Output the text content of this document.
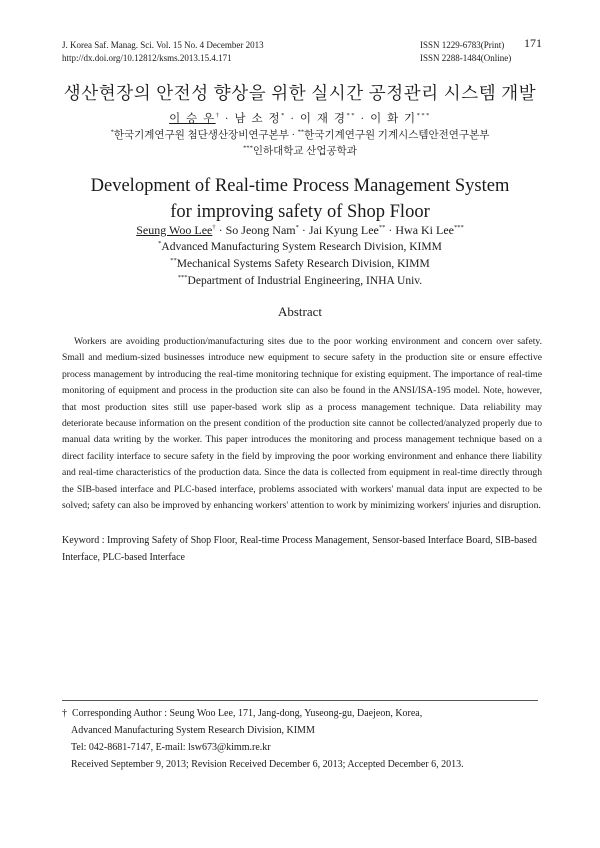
J. Korea Saf. Manag. Sci. Vol. 15 No. 4 December 2013
http://dx.doi.org/10.12812/ksms.2013.15.4.171
ISSN 1229-6783(Print)
ISSN 2288-1484(Online)
171
생산현장의 안전성 향상을 위한 실시간 공정관리 시스템 개발
이 승 우† · 남 소 정* · 이 재 경** · 이 화 기***
*한국기계연구원 첨단생산장비연구본부 · **한국기계연구원 기계시스템안전연구본부
***인하대학교 산업공학과
Development of Real-time Process Management System
for improving safety of Shop Floor
Seung Woo Lee† · So Jeong Nam* · Jai Kyung Lee** · Hwa Ki Lee***
*Advanced Manufacturing System Research Division, KIMM
**Mechanical Systems Safety Research Division, KIMM
***Department of Industrial Engineering, INHA Univ.
Abstract

Workers are avoiding production/manufacturing sites due to the poor working environment and concern over safety. Small and medium-sized businesses introduce new equipment to secure safety in the production site or ensure effective process management by introducing the real-time monitoring technique for existing equipment. The importance of real-time monitoring of equipment and process in the production site can also be found in the ANSI/ISA-195 model. Note, however, that most production sites still use paper-based work slip as a process management technique. Data reliability may deteriorate because information on the present condition of the production site cannot be collected/analyzed properly due to manual data writing by the worker. This paper introduces the monitoring and process management technique based on a direct facility interface to secure safety in the field by improving the poor working environment and enhance there liability and real-time characteristics of the production data. Since the data is collected from equipment in real-time directly through the SIB-based interface and PLC-based interface, problems associated with workers' manual data input are expected to be solved; safety can also be improved by enhancing workers' attention to work by minimizing workers' injuries and disruption.

Keyword : Improving Safety of Shop Floor, Real-time Process Management, Sensor-based Interface Board, SIB-based Interface, PLC-based Interface

† Corresponding Author : Seung Woo Lee, 171, Jang-dong, Yuseong-gu, Daejeon, Korea,
Advanced Manufacturing System Research Division, KIMM
Tel: 042-8681-7147, E-mail: lsw673@kimm.re.kr
Received September 9, 2013; Revision Received December 6, 2013; Accepted December 6, 2013.
